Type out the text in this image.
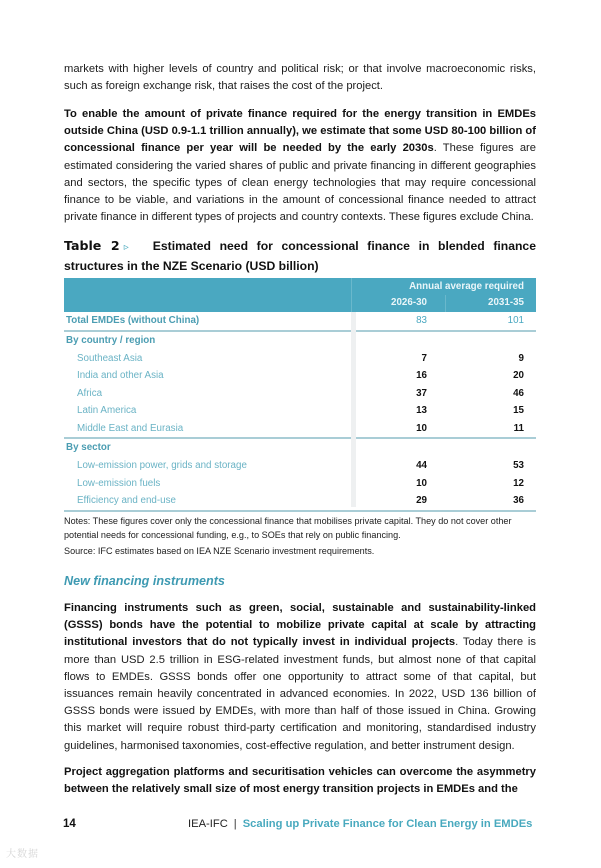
markets with higher levels of country and political risk; or that involve macroeconomic risks, such as foreign exchange risk, that raises the cost of the project.

To enable the amount of private finance required for the energy transition in EMDEs outside China (USD 0.9-1.1 trillion annually), we estimate that some USD 80-100 billion of concessional finance per year will be needed by the early 2030s. These figures are estimated considering the varied shares of public and private financing in different geographies and sectors, the specific types of clean energy technologies that may require concessional finance to be viable, and variations in the amount of concessional finance needed to attract private finance in different types of projects and country contexts. These figures exclude China.

Table 2 ▹ Estimated need for concessional finance in blended finance structures in the NZE Scenario (USD billion)
Annual average required
2026-30	2031-35
Total EMDEs (without China)	83	101
By country / region
Southeast Asia	7	9
India and other Asia	16	20
Africa	37	46
Latin America	13	15
Middle East and Eurasia	10	11
By sector
Low-emission power, grids and storage	44	53
Low-emission fuels	10	12
Efficiency and end-use	29	36
Notes: These figures cover only the concessional finance that mobilises private capital. They do not cover other potential needs for concessional funding, e.g., to SOEs that rely on public financing.
Source: IFC estimates based on IEA NZE Scenario investment requirements.
New financing instruments

Financing instruments such as green, social, sustainable and sustainability-linked (GSSS) bonds have the potential to mobilize private capital at scale by attracting institutional investors that do not typically invest in individual projects. Today there is more than USD 2.5 trillion in ESG-related investment funds, but almost none of that capital flows to EMDEs. GSSS bonds offer one opportunity to attract some of that capital, but issuances remain heavily concentrated in advanced economies. In 2022, USD 136 billion of GSSS bonds were issued by EMDEs, with more than half of those issued in China. Growing this market will require robust third-party certification and monitoring, standardised industry guidelines, harmonised taxonomies, cost-effective regulation, and better instrument design.

Project aggregation platforms and securitisation vehicles can overcome the asymmetry between the relatively small size of most energy transition projects in EMDEs and the

14	IEA-IFC | Scaling up Private Finance for Clean Energy in EMDEs
大数据
